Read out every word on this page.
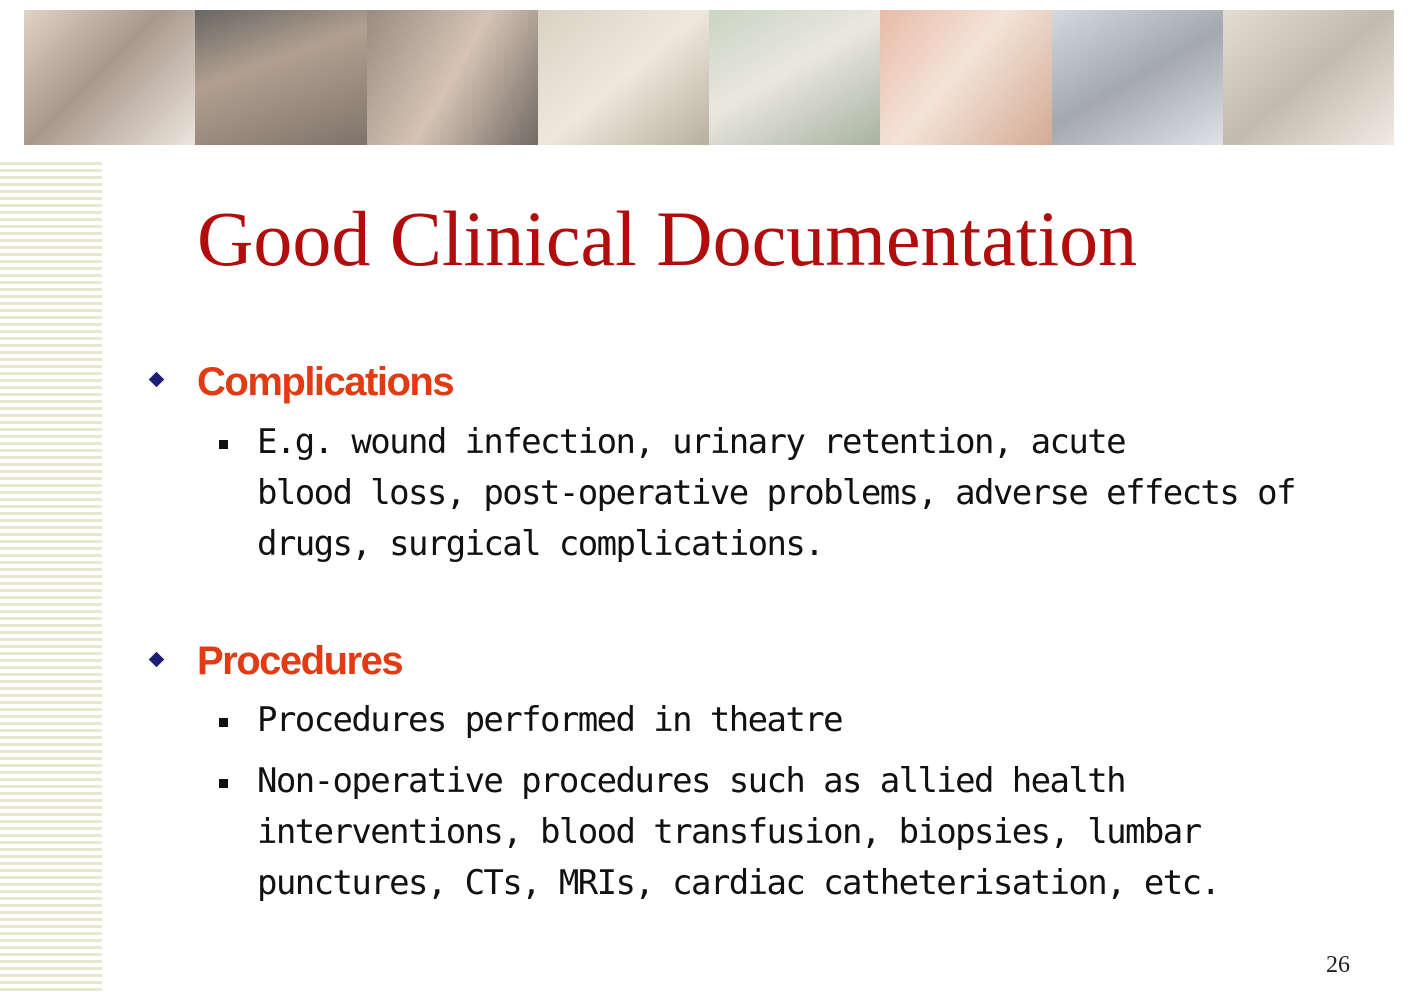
Good Clinical Documentation
Complications
E.g. wound infection, urinary retention, acute
blood loss, post-operative problems, adverse effects of
drugs, surgical complications.
Procedures
Procedures performed in theatre
Non-operative procedures such as allied health
interventions, blood transfusion, biopsies, lumbar
punctures, CTs, MRIs, cardiac catheterisation, etc.
26
